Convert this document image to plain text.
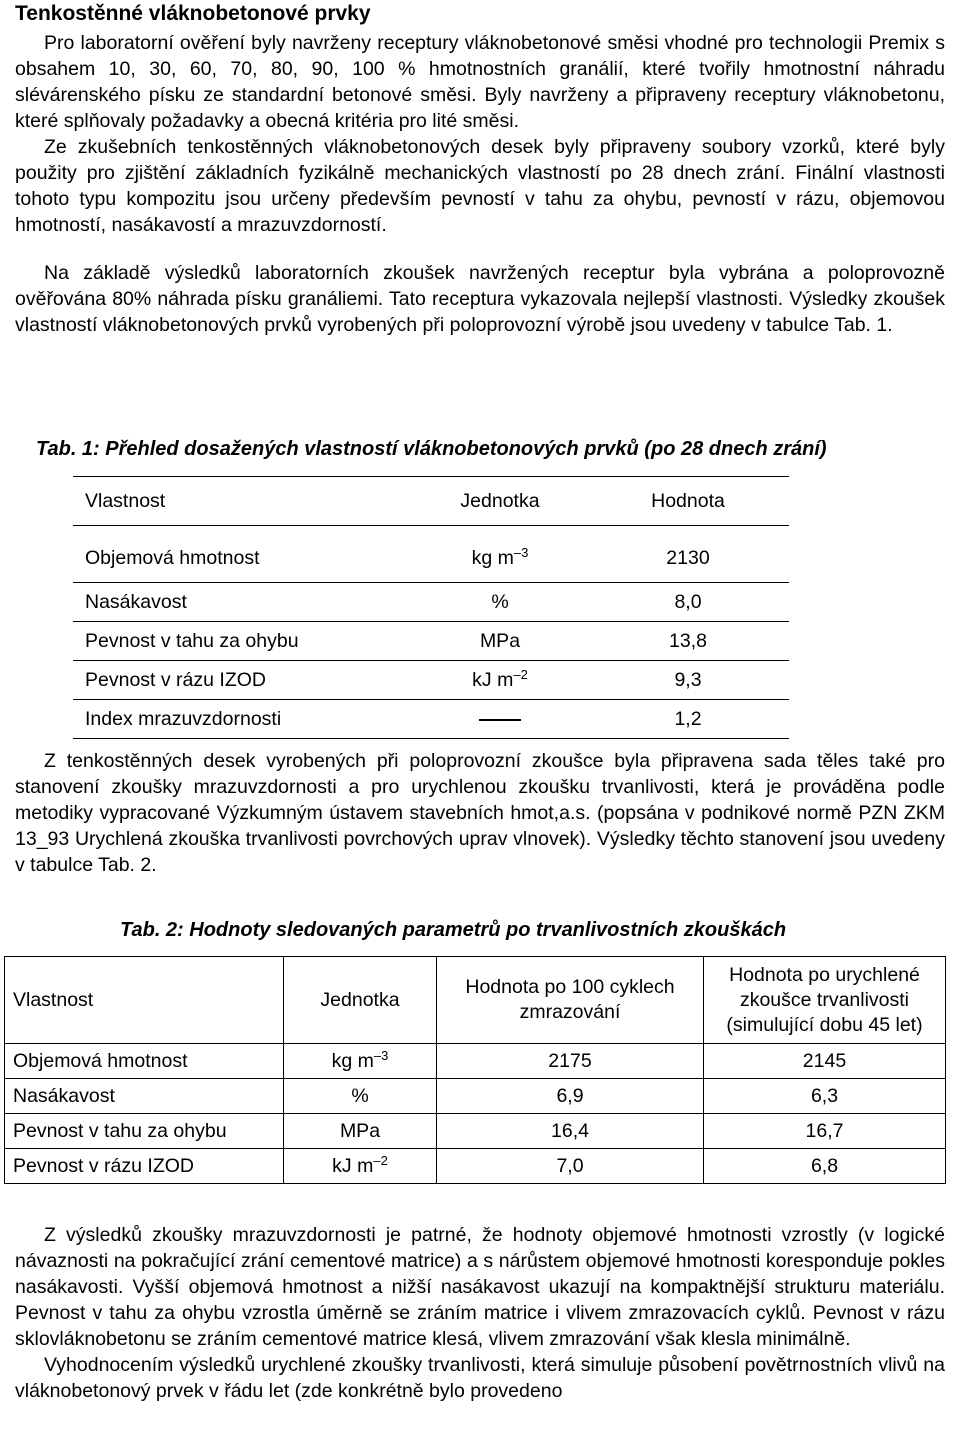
Tenkostěnné vláknobetonové prvky

Pro laboratorní ověření byly navrženy receptury vláknobetonové směsi vhodné pro technologii Premix s obsahem 10, 30, 60, 70, 80, 90, 100 % hmotnostních granálií, které tvořily hmotnostní náhradu slévárenského písku ze standardní betonové směsi. Byly navrženy a připraveny receptury vláknobetonu, které splňovaly požadavky a obecná kritéria pro lité směsi.

Ze zkušebních tenkostěnných vláknobetonových desek byly připraveny soubory vzorků, které byly použity pro zjištění základních fyzikálně mechanických vlastností po 28 dnech zrání. Finální vlastnosti tohoto typu kompozitu jsou určeny především pevností v tahu za ohybu, pevností v rázu, objemovou hmotností, nasákavostí a mrazuvzdorností.

Na základě výsledků laboratorních zkoušek navržených receptur byla vybrána a poloprovozně ověřována 80% náhrada písku granáliemi. Tato receptura vykazovala nejlepší vlastnosti. Výsledky zkoušek vlastností vláknobetonových prvků vyrobených při poloprovozní výrobě jsou uvedeny v tabulce Tab. 1.

Tab. 1: Přehled dosažených vlastností vláknobetonových prvků (po 28 dnech zrání)

Vlastnost	Jednotka	Hodnota
Objemová hmotnost	kg $m^{-3}$	2130
Nasákavost	%	8,0
Pevnost v tahu za ohybu	MPa	13,8
Pevnost v rázu IZOD	kJ $m^{-2}$	9,3
Index mrazuvzdornosti		1,2

Z tenkostěnných desek vyrobených při poloprovozní zkoušce byla připravena sada těles také pro stanovení zkoušky mrazuvzdornosti a pro urychlenou zkoušku trvanlivosti, která je prováděna podle metodiky vypracované Výzkumným ústavem stavebních hmot,a.s. (popsána v podnikové normě PZN ZKM 13_93 Urychlená zkouška trvanlivosti povrchových uprav vlnovek). Výsledky těchto stanovení jsou uvedeny v tabulce Tab. 2.

Tab. 2: Hodnoty sledovaných parametrů po trvanlivostních zkouškách

Vlastnost	Jednotka	Hodnota po 100 cyklech zmrazování	Hodnota po urychlené zkoušce trvanlivosti (simulující dobu 45 let)
Objemová hmotnost	kg $m^{-3}$	2175	2145
Nasákavost	%	6,9	6,3
Pevnost v tahu za ohybu	MPa	16,4	16,7
Pevnost v rázu IZOD	kJ $m^{-2}$	7,0	6,8

Z výsledků zkoušky mrazuvzdornosti je patrné, že hodnoty objemové hmotnosti vzrostly (v logické návaznosti na pokračující zrání cementové matrice) a s nárůstem objemové hmotnosti koresponduje pokles nasákavosti. Vyšší objemová hmotnost a nižší nasákavost ukazují na kompaktnější strukturu materiálu. Pevnost v tahu za ohybu vzrostla úměrně se zráním matrice i vlivem zmrazovacích cyklů. Pevnost v rázu sklovláknobetonu se zráním cementové matrice klesá, vlivem zmrazování však klesla minimálně.

Vyhodnocením výsledků urychlené zkoušky trvanlivosti, která simuluje působení povětrnostních vlivů na vláknobetonový prvek v řádu let (zde konkrétně bylo provedeno
